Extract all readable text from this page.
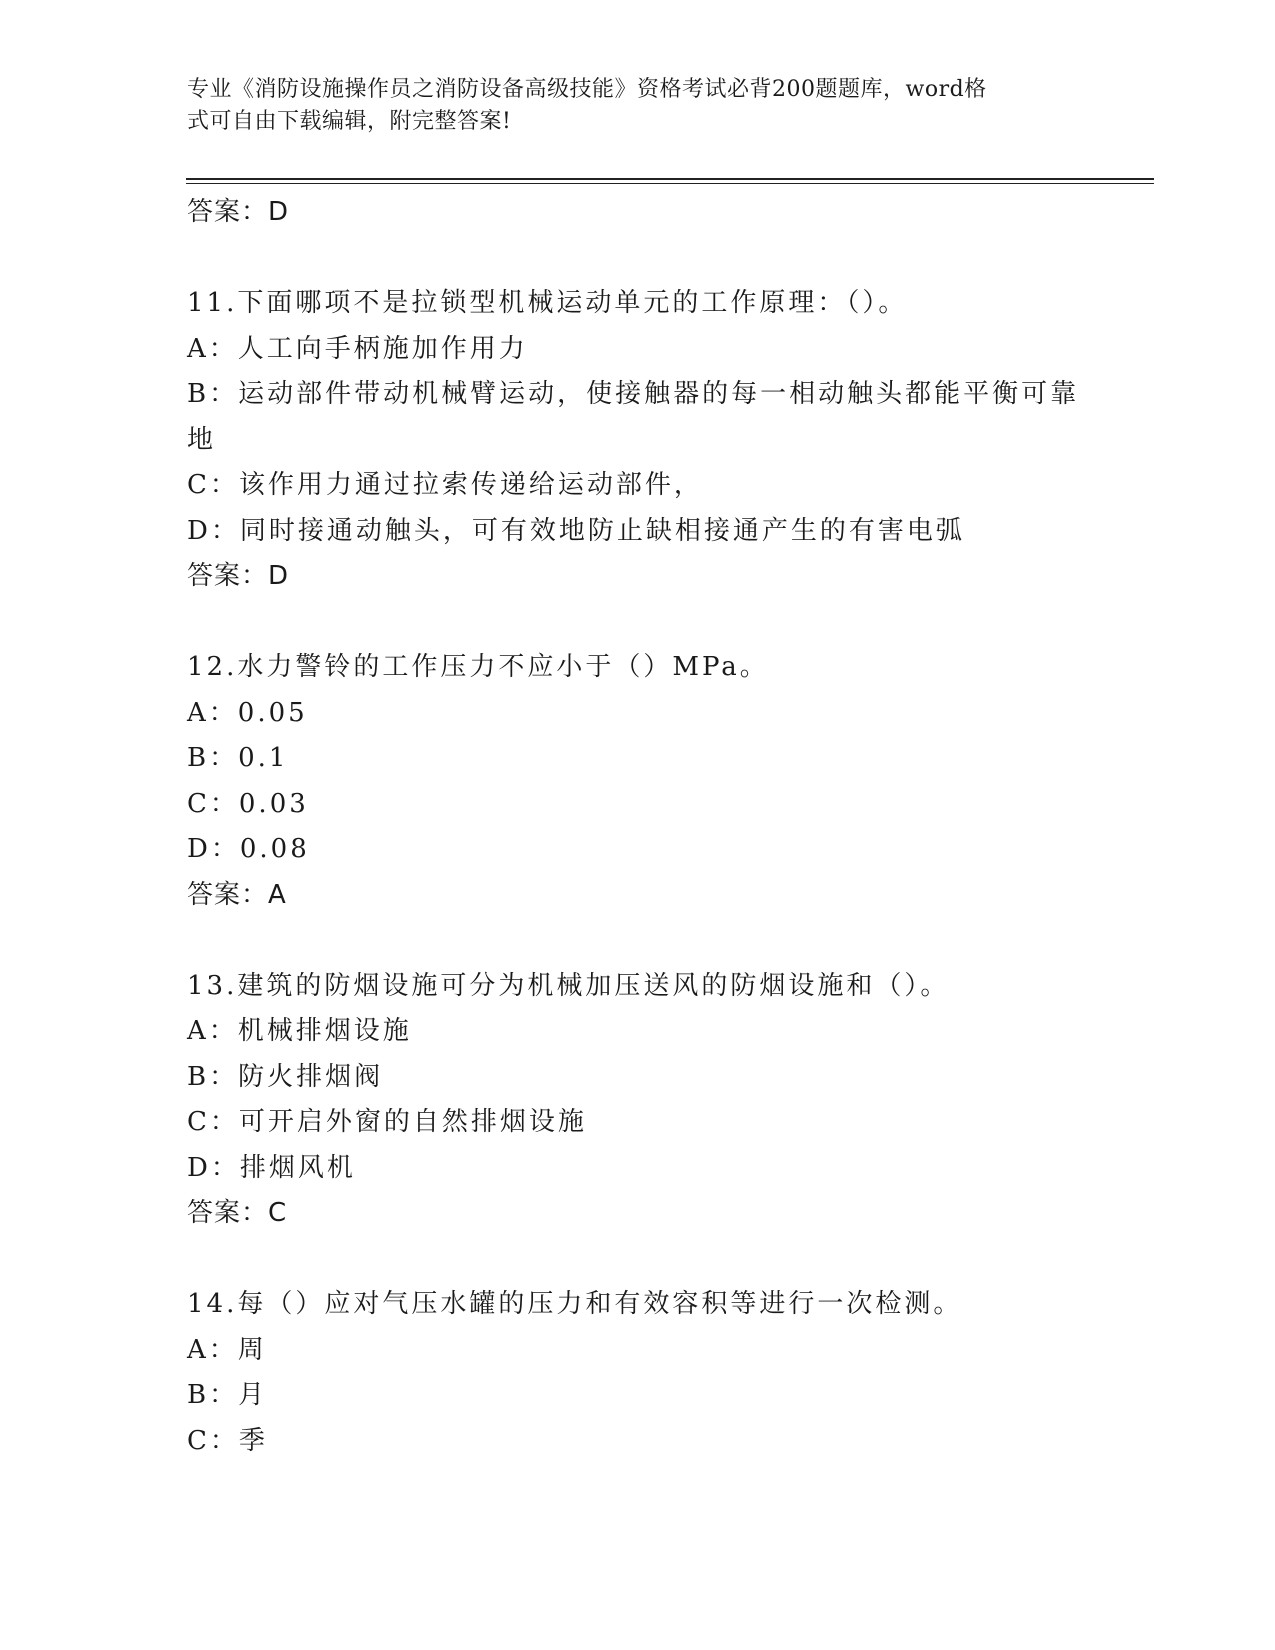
专业《消防设施操作员之消防设备高级技能》资格考试必背200题题库，word格
式可自由下载编辑，附完整答案!

答案：D
11.下面哪项不是拉锁型机械运动单元的工作原理：（）。
A：人工向手柄施加作用力
B：运动部件带动机械臂运动，使接触器的每一相动触头都能平衡可靠
地
C：该作用力通过拉索传递给运动部件，
D：同时接通动触头，可有效地防止缺相接通产生的有害电弧
答案：D
12.水力警铃的工作压力不应小于（）MPa。
A：0.05
B：0.1
C：0.03
D：0.08
答案：A
13.建筑的防烟设施可分为机械加压送风的防烟设施和（）。
A：机械排烟设施
B：防火排烟阀
C：可开启外窗的自然排烟设施
D：排烟风机
答案：C
14.每（）应对气压水罐的压力和有效容积等进行一次检测。
A：周
B：月
C：季
